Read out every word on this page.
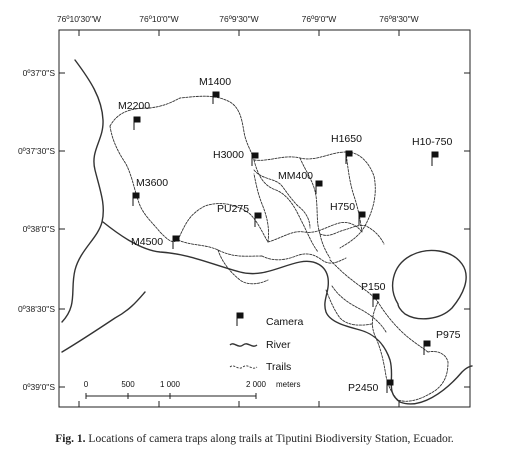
76º10'30"W	76º10'0"W	76º9'30"W	76º9'0"W	76º8'30"W
0º37'0"S
0º37'30"S
0º38'0"S
0º38'30"S
0º39'0"S
M1400
M2200
H1650	H10-750
H3000
M3600
MM400
PU275	H750
M4500
P150
P975
P2450
Camera
River
Trails
0	500	1 000	2 000 meters
Fig. 1. Locations of camera traps along trails at Tiputini Biodiversity Station, Ecuador.
